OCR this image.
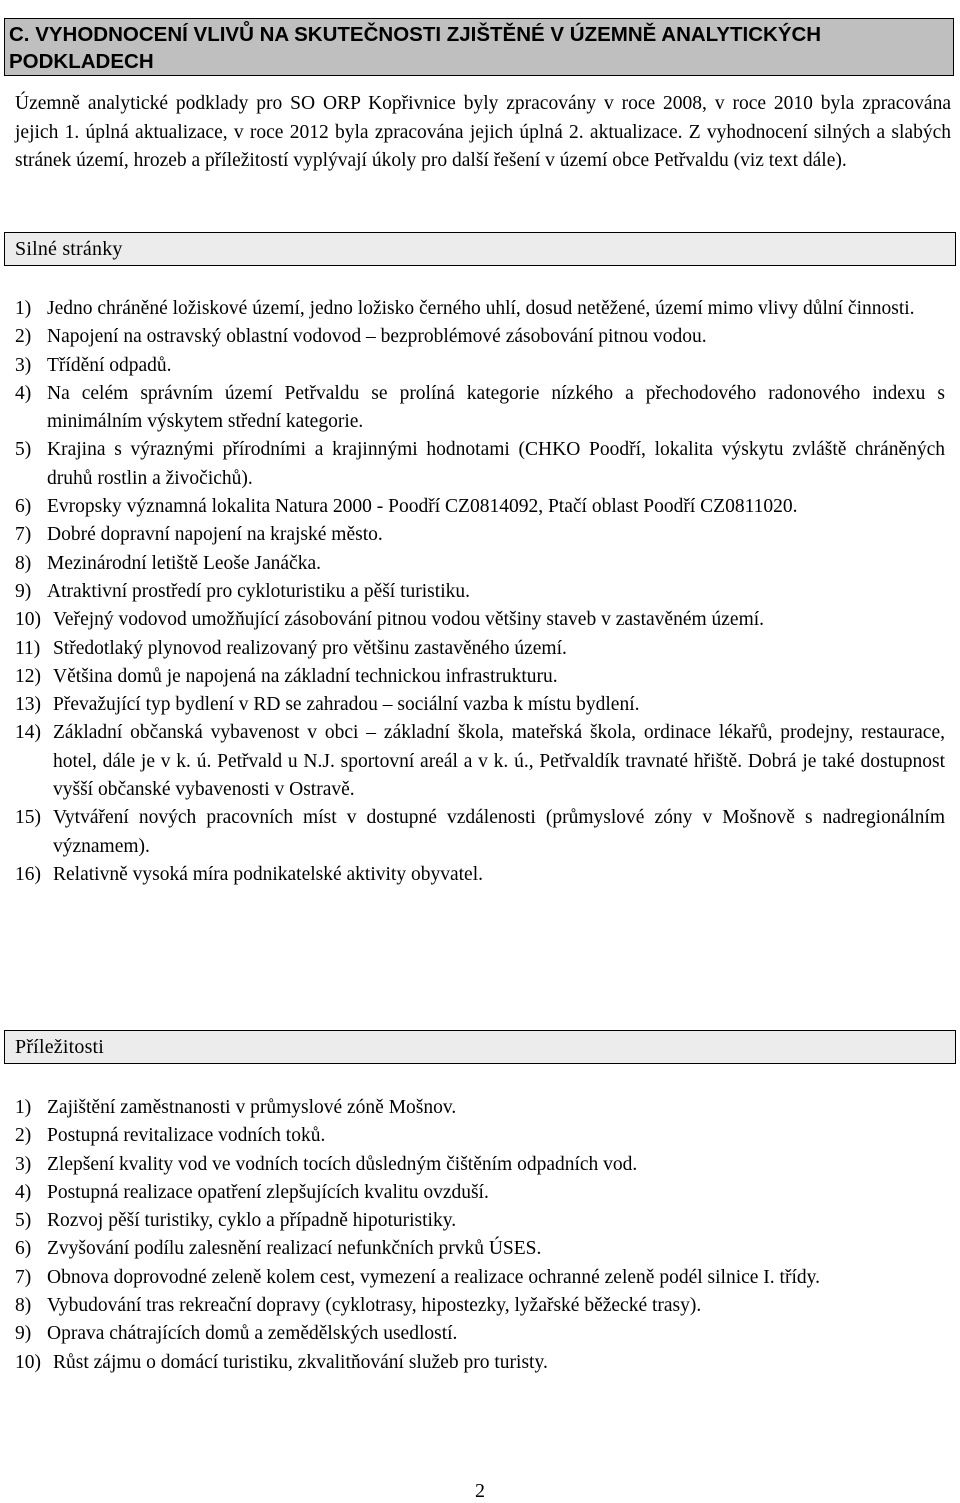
C. VYHODNOCENÍ VLIVŮ NA SKUTEČNOSTI ZJIŠTĚNÉ V ÚZEMNĚ ANALYTICKÝCH PODKLADECH

Územně analytické podklady pro SO ORP Kopřivnice byly zpracovány v roce 2008, v roce 2010 byla zpracována jejich 1. úplná aktualizace, v roce 2012 byla zpracována jejich úplná 2. aktualizace. Z vyhodnocení silných a slabých stránek území, hrozeb a příležitostí vyplývají úkoly pro další řešení v území obce Petřvaldu (viz text dále).

Silné stránky
1) Jedno chráněné ložiskové území, jedno ložisko černého uhlí, dosud netěžené, území mimo vlivy důlní činnosti.
2) Napojení na ostravský oblastní vodovod – bezproblémové zásobování pitnou vodou.
3) Třídění odpadů.
4) Na celém správním území Petřvaldu se prolíná kategorie nízkého a přechodového radonového indexu s minimálním výskytem střední kategorie.
5) Krajina s výraznými přírodními a krajinnými hodnotami (CHKO Poodří, lokalita výskytu zvláště chráněných druhů rostlin a živočichů).
6) Evropsky významná lokalita Natura 2000 - Poodří CZ0814092, Ptačí oblast Poodří CZ0811020.
7) Dobré dopravní napojení na krajské město.
8) Mezinárodní letiště Leoše Janáčka.
9) Atraktivní prostředí pro cykloturistiku a pěší turistiku.
10) Veřejný vodovod umožňující zásobování pitnou vodou většiny staveb v zastavěném území.
11) Středotlaký plynovod realizovaný pro většinu zastavěného území.
12) Většina domů je napojená na základní technickou infrastrukturu.
13) Převažující typ bydlení v RD se zahradou – sociální vazba k místu bydlení.
14) Základní občanská vybavenost v obci – základní škola, mateřská škola, ordinace lékařů, prodejny, restaurace, hotel, dále je v k. ú. Petřvald u N.J. sportovní areál a v k. ú., Petřvaldík travnaté hřiště. Dobrá je také dostupnost vyšší občanské vybavenosti v Ostravě.
15) Vytváření nových pracovních míst v dostupné vzdálenosti (průmyslové zóny v Mošnově s nadregionálním významem).
16) Relativně vysoká míra podnikatelské aktivity obyvatel.
Příležitosti
1) Zajištění zaměstnanosti v průmyslové zóně Mošnov.
2) Postupná revitalizace vodních toků.
3) Zlepšení kvality vod ve vodních tocích důsledným čištěním odpadních vod.
4) Postupná realizace opatření zlepšujících kvalitu ovzduší.
5) Rozvoj pěší turistiky, cyklo a případně hipoturistiky.
6) Zvyšování podílu zalesnění realizací nefunkčních prvků ÚSES.
7) Obnova doprovodné zeleně kolem cest, vymezení a realizace ochranné zeleně podél silnice I. třídy.
8) Vybudování tras rekreační dopravy (cyklotrasy, hipostezky, lyžařské běžecké trasy).
9) Oprava chátrajících domů a zemědělských usedlostí.
10) Růst zájmu o domácí turistiku, zkvalitňování služeb pro turisty.

2
